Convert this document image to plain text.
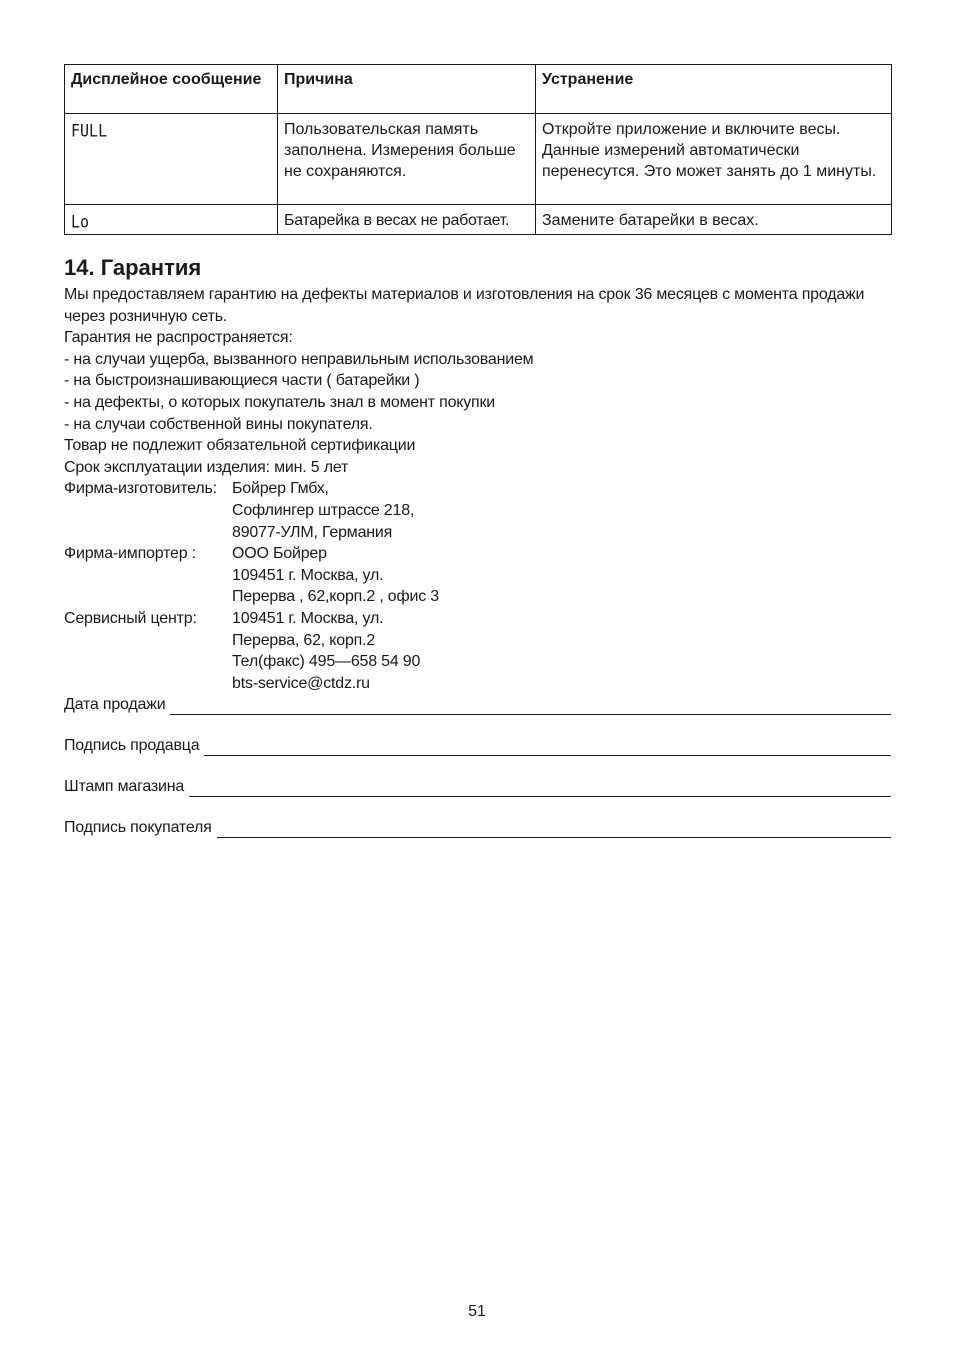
Дисплейное сообщение	Причина	Устранение
FULL	Пользовательская память заполнена. Измерения больше не сохраняются.	Откройте приложение и включите весы. Данные измерений автоматически перенесутся. Это может занять до 1 минуты.
Lo	Батарейка в весах не работает.	Замените батарейки в весах.
14. Гарантия

Мы предоставляем гарантию на дефекты материалов и изготовления на срок 36 месяцев с момента продажи через розничную сеть.

Гарантия не распространяется:

- на случаи ущерба, вызванного неправильным использованием

- на быстроизнашивающиеся части ( батарейки )

- на дефекты, о которых покупатель знал в момент покупки

- на случаи собственной вины покупателя.

Товар не подлежит обязательной сертификации

Срок эксплуатации изделия: мин. 5 лет

Фирма-изготовитель: Бойрер Гмбх,

Софлингер штрассе 218,

89077-УЛМ, Германия

Фирма-импортер :	ООО Бойрер

109451 г. Москва, ул.

Перерва , 62,корп.2 , офис 3

Сервисный центр:	109451 г. Москва, ул.

Перерва, 62, корп.2

Тел(факс) 495—658 54 90

bts-service@ctdz.ru

Дата продажи
Подпись продавца
Штамп магазина
Подпись покупателя
51
